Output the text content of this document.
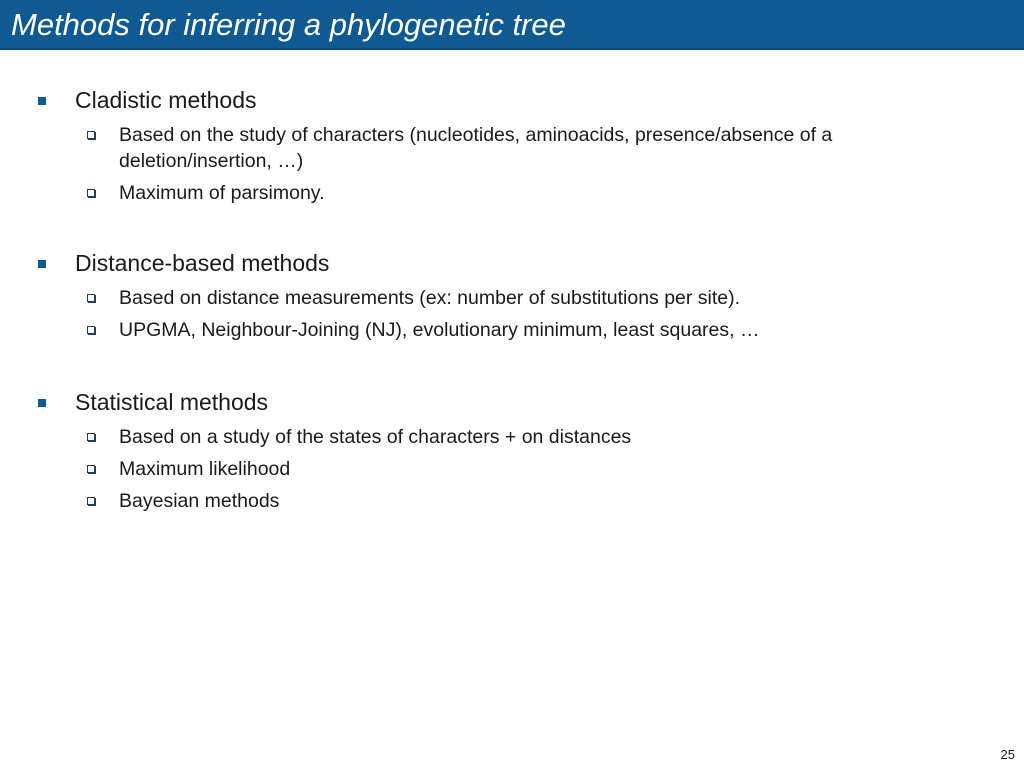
Methods for inferring a phylogenetic tree
Cladistic methods
Based on the study of characters (nucleotides, aminoacids, presence/absence of a deletion/insertion, …)
Maximum of parsimony.
Distance-based methods
Based on distance measurements (ex: number of substitutions per site).
UPGMA, Neighbour-Joining (NJ), evolutionary minimum, least squares, …
Statistical methods
Based on a study of the states of characters + on distances
Maximum likelihood
Bayesian methods
25
